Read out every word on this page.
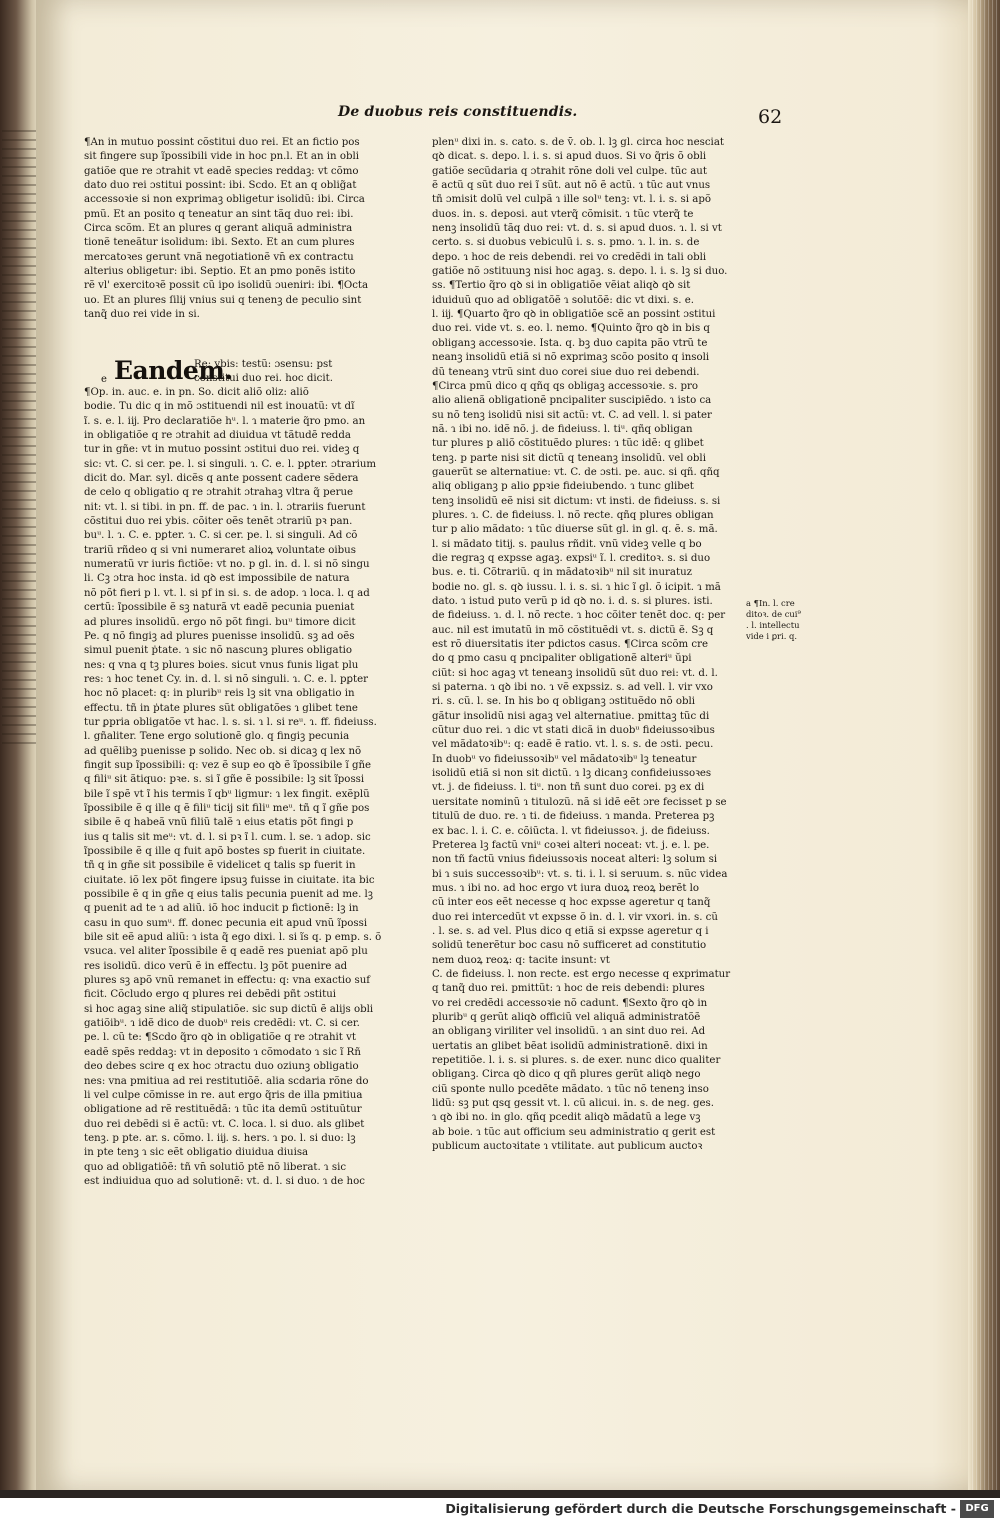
De duobus reis constituendis.	62
¶An in mutuo possint cõstitui duo rei. Et an fictio pos
sit fingere sup ĩpossibili vide in hoc pn.l. Et an in obli
gatiõe que re ɔtrahit vt eadẽ species reddaꝫ: vt cõmo
dato duo rei ɔstitui possint: ibi. Scdo. Et an q oblig̃at
accessoꝛie si non exprimaꝫ obligetur isolidũ: ibi. Circa
pmũ. Et an posito q teneatur an sint tãq duo rei: ibi.
Circa scõm. Et an plures q gerant aliquã administra
tionẽ teneãtur isolidum: ibi. Sexto. Et an cum plures
mercatoꝛes gerunt vnã negotiationẽ vn̄ ex contractu
alterius obligetur: ibi. Septio. Et an pmo ponẽs istito
rẽ vl' exercitoꝛẽ possit cũ ipo isolidũ ɔueniri: ibi. ¶Octa
uo. Et an plures ſilij vnius sui q tenenꝫ de peculio sint
tanq̃ duo rei vide in si.
Eandem.
e
Re: ybis: testũ: ɔsensu: pst
constitui duo rei. hoc dicit.
¶Op. in. auc. e. in pn. So. dicit aliõ oliz: aliõ
bodie. Tu dic q in mõ ɔstituendi nil est inouatũ: vt dĩ
ĩ. s. e. l. iĳ. Pro declaratiõe hᵘ. l. ɿ materie q̃ro pmo. an
in obligatiõe q re ɔtrahit ad diuidua vt tãtudẽ redda
tur in gñe: vt in mutuo possint ɔstitui duo rei. videꝫ q
sic: vt. C. si cer. pe. l. si singuli. ɿ. C. e. l. pꝑter. ɔtrarium
dicit do. Mar. syl. dicẽs q ante possent cadere sẽdera
de celo q obligatio q re ɔtrahit ɔtrahaꝫ vltra q̃ perue
nit: vt. l. si tibi. in pn. ff. de pac. ɿ in. l. ɔtrariis fuerunt
cõstitui duo rei ybis. cõiter oẽs tenẽt ɔtrariũ pꝛ pan.
buᵘ. l. ɿ. C. e. pꝑter. ɿ. C. si cer. pe. l. si singuli. Ad cõ
trariũ rñdeo q si vni numeraret alioꝝ voluntate oibus
numeratũ vr iuris fictiõe: vt no. p gl. in. d. l. si nõ singu
li. Cꝫ ɔtra hoc insta. id qꝺ est impossibile de natura
nõ põt fieri p l. vt. l. si pf in si. s. de adop. ɿ loca. l. q ad
certũ: ĩpossibile ẽ sꝫ naturã vt eadẽ pecunia pueniat
ad plures insolidũ. ergo nõ põt fingi. buᵘ timore dicit
Pe. q nõ fingiꝫ ad plures puenisse insolidũ. sꝫ ad oẽs
simul puenit ṗtate. ɿ sic nõ nascunꝫ plures obligatio
nes: q vna q tꝫ plures boies. sicut vnus funis ligat plu
res: ɿ hoc tenet Cy. in. d. l. si nõ singuli. ɿ. C. e. l. pꝑter
hoc nõ placet: q: in pluribᵘ reis lꝫ sit vna obligatio in
effectu. tñ in ṗtate plures sũt obligatões ɿ glibet tene
tur ꝑpria obligatõe vt hac. l. s. si. ɿ l. si reᵘ. ɿ. ff. fideiuss.
l. gñaliter. Tene ergo solutionẽ glo. q fingiꝫ pecunia
ad quẽlibꝫ puenisse p solido. Nec ob. si dicaꝫ q lex nõ
fingit sup ĩpossibili: q: vez ẽ sup eo qꝺ ẽ ĩpossibile ĩ gñe
q filiᵘ sit ãtiquo: pꝛe. s. si ĩ gñe ẽ possibile: lꝫ sit ĩpossi
bile ĩ spẽ vt ĩ his termis ĩ qbᵘ ligmur: ɿ lex fingit. exẽplũ
ĩpossibile ẽ q ille q ẽ filiᵘ ticij sit filiᵘ meᵘ. tñ q ĩ gñe pos
sibile ẽ q habeã vnũ filiũ talẽ ɿ eius etatis põt fingi p
ius q talis sit meᵘ: vt. d. l. si pꝛ ĩ l. cum. l. se. ɿ adop. sic
ĩpossibile ẽ q ille q fuit apõ bostes sp fuerit in ciuitate.
tñ q in gñe sit possibile ẽ videlicet q talis sp fuerit in
ciuitate. iõ lex põt fingere ipsuꝫ fuisse in ciuitate. ita bic
possibile ẽ q in gñe q eius talis pecunia puenit ad me. lꝫ
q puenit ad te ɿ ad aliũ. iõ hoc inducit p fictionẽ: lꝫ in
casu in quo sumᵘ. ff. donec pecunia eit apud vnũ ĩpossi
bile sit eẽ apud aliũ: ɿ ista q̃ ego dixi. l. si ĩs q. p emp. s. õ
vsuca. vel aliter ĩpossibile ẽ q eadẽ res pueniat apõ plu
res isolidũ. dico verũ ẽ in effectu. lꝫ põt puenire ad
plures sꝫ apõ vnũ remanet in effectu: q: vna exactio suf
ficit. Cõcludo ergo q plures rei debẽdi pñt ɔstitui
si hoc agaꝫ sine aliq̃ stipulatiõe. sic sup dictũ ẽ alijs obli
gatiõibᵘ. ɿ idẽ dico de duobᵘ reis credẽdi: vt. C. si cer.
pe. l. cũ te: ¶Scdo q̃ro qꝺ in obligatiõe q re ɔtrahit vt
eadẽ spẽs reddaꝫ: vt in deposito ɿ cõmodato ɿ sic ĩ Rñ
deo debes scire q ex hoc ɔtractu duo oziunꝫ obligatio
nes: vna pmitiua ad rei restitutiõẽ. alia scdaria rõne do
li vel culpe cõmisse in re. aut ergo q̃ris de illa pmitiua
obligatione ad rẽ restituẽdã: ɿ tũc ita demũ ɔstituũtur
duo rei debẽdi si ẽ actũ: vt. C. loca. l. si duo. als glibet
tenꝫ. p pte. ar. s. cõmo. l. iĳ. s. hers. ɿ po. l. si duo: lꝫ
in pte tenꝫ ɿ sic eẽt obligatio diuidua diuisa
quo ad obligatiõẽ: tñ vn̄ solutiõ ptẽ nõ liberat. ɿ sic
est indiuidua quo ad solutionẽ: vt. d. l. si duo. ɿ de hoc
plenᵘ dixi in. s. cato. s. de v̄. ob. l. lꝫ gl. circa hoc nesciat
qꝺ dicat. s. depo. l. i. s. si apud duos. Si vo q̃ris õ obli
gatiõe secũdaria q ɔtrahit rõne doli vel culpe. tũc aut
ẽ actũ q sũt duo rei ĩ sũt. aut nõ ẽ actũ. ɿ tũc aut vnus
tñ ɔmisit dolũ vel culpã ɿ ille solᵘ tenꝫ: vt. l. i. s. si apõ
duos. in. s. deposi. aut vterq̃ cõmisit. ɿ tũc vterq̃ te
nenꝫ insolidũ tãq duo rei: vt. d. s. si apud duos. ɿ. l. si vt
certo. s. si duobus vebiculũ i. s. s. pmo. ɿ. l. in. s. de
depo. ɿ hoc de reis debendi. rei vo credẽdi in tali obli
gatiõe nõ ɔstituunꝫ nisi hoc agaꝫ. s. depo. l. i. s. lꝫ si duo.
ss. ¶Tertio q̃ro qꝺ si in obligatiõe vẽiat aliqꝺ qꝺ sit
iduiduũ quo ad obligatõẽ ɿ solutõẽ: dic vt dixi. s. e.
l. iĳ. ¶Quarto q̃ro qꝺ in obligatiõe scẽ an possint ɔstitui
duo rei. vide vt. s. eo. l. nemo. ¶Quinto q̃ro qꝺ in bis q
obliganꝫ accessoꝛie. Ista. q. bꝫ duo capita pão vtrũ te
neanꝫ insolidũ etiã si nõ exprimaꝫ scõo posito q insoli
dũ teneanꝫ vtrũ sint duo corei siue duo rei debendi.
¶Circa pmũ dico q qñq qs obligaꝫ accessoꝛie. s. pro
alio alienã obligationẽ pncipaliter suscipiẽdo. ɿ isto ca
su nõ tenꝫ isolidũ nisi sit actũ: vt. C. ad vell. l. si pater
nã. ɿ ibi no. idẽ nõ. j. de fideiuss. l. tiᵘ. qñq obligan
tur plures p aliõ cõstituẽdo plures: ɿ tũc idẽ: q glibet
tenꝫ. p parte nisi sit dictũ q teneanꝫ insolidũ. vel obli
gauerũt se alternatiue: vt. C. de ɔsti. pe. auc. si qñ. qñq
aliq obliganꝫ p alio ꝑpꝛie fideiubendo. ɿ tunc glibet
tenꝫ insolidũ eẽ nisi sit dictum: vt insti. de fideiuss. s. si
plures. ɿ. C. de fideiuss. l. nõ recte. qñq plures obligan
tur p alio mãdato: ɿ tũc diuerse sũt gl. in gl. q. ẽ. s. mã.
l. si mãdato titĳ. s. paulus rñdit. vnũ videꝫ velle q bo
die regraꝫ q expsse agaꝫ. expsiᵘ ĩ. l. creditoꝛ. s. si duo
bus. e. ti. Cõtrariũ. q in mãdatoꝛibᵘ nil sit inuratuz
bodie no. gl. s. qꝺ iussu. l. i. s. si. ɿ hic ĩ gl. õ icipit. ɿ mã
dato. ɿ istud puto verũ p id qꝺ no. i. d. s. si plures. isti.
de fideiuss. ɿ. d. l. nõ recte. ɿ hoc cõiter tenẽt doc. q: per
auc. nil est imutatũ in mõ cõstituẽdi vt. s. dictũ ẽ. Sꝫ q
est rõ diuersitatis iter pdictos casus. ¶Circa scõm cre
do q pmo casu q pncipaliter obligationẽ alteriᵘ ŭpi
ciũt: si hoc agaꝫ vt teneanꝫ insolidũ sũt duo rei: vt. d. l.
si paterna. ɿ qꝺ ibi no. ɿ vẽ expssiz. s. ad vell. l. vir vxo
ri. s. cũ. l. se. In his bo q obliganꝫ ɔstituẽdo nõ obli
gãtur insolidũ nisi agaꝫ vel alternatiue. pmittaꝫ tũc di
cũtur duo rei. ɿ dic vt stati dicã in duobᵘ fideiussoꝛibus
vel mãdatoꝛibᵘ: q: eadẽ ẽ ratio. vt. l. s. s. de ɔsti. pecu.
In duobᵘ vo fideiussoꝛibᵘ vel mãdatoꝛibᵘ lꝫ teneatur
isolidũ etiã si non sit dictũ. ɿ lꝫ dicanꝫ confideiussoꝛes
vt. j. de fideiuss. l. tiᵘ. non tñ sunt duo corei. pꝫ ex di
uersitate nominũ ɿ titulozũ. nã si idẽ eẽt ɔre fecisset p se
titulũ de duo. re. ɿ ti. de fideiuss. ɿ manda. Preterea pꝫ
ex bac. l. i. C. e. cõiũcta. l. vt fideiussoꝛ. j. de fideiuss.
Preterea lꝫ factũ vniᵘ coꝛei alteri noceat: vt. j. e. l. pe.
non tñ factũ vnius fideiussoꝛis noceat alteri: lꝫ solum si
bi ɿ suis successoꝛibᵘ: vt. s. ti. i. l. si seruum. s. nũc videa
mus. ɿ ibi no. ad hoc ergo vt iura duoꝝ reoꝝ berẽt lo
cũ inter eos eẽt necesse q hoc expsse ageretur q tanq̃
duo rei intercedũt vt expsse õ in. d. l. vir vxori. in. s. cũ
. l. se. s. ad vel. Plus dico q etiã si expsse ageretur q i
solidũ tenerẽtur boc casu nõ sufficeret ad constitutio
nem duoꝝ reoꝝ: q: tacite insunt: vt
C. de fideiuss. l. non recte. est ergo necesse q exprimatur
q tanq̃ duo rei. pmittũt: ɿ hoc de reis debendi: plures
vo rei credẽdi accessoꝛie nõ cadunt. ¶Sexto q̃ro qꝺ in
pluribᵘ q gerũt aliqꝺ officiũ vel aliquã administratõẽ
an obliganꝫ viriliter vel insolidũ. ɿ an sint duo rei. Ad
uertatis an glibet bẽat isolidũ administrationẽ. dixi in
repetitiõe. l. i. s. si plures. s. de exer. nunc dico qualiter
obliganꝫ. Circa qꝺ dico q qñ plures gerũt aliqꝺ nego
ciũ sponte nullo pcedẽte mãdato. ɿ tũc nõ tenenꝫ inso
lidũ: sꝫ put qsq gessit vt. l. cũ alicui. in. s. de neg. ges.
ɿ qꝺ ibi no. in glo. qñq pcedit aliqꝺ mãdatũ a lege vꝫ
ab boie. ɿ tũc aut officium seu administratio q gerit est
publicum auctoꝛitate ɿ vtilitate. aut publicum auctoꝛ
a ¶In. l. cre
ditoꝛ. de cui⁹
. l. intellectu
vide i ꝑri. q.
Digitalisierung gefördert durch die Deutsche Forschungsgemeinschaft - DFG
